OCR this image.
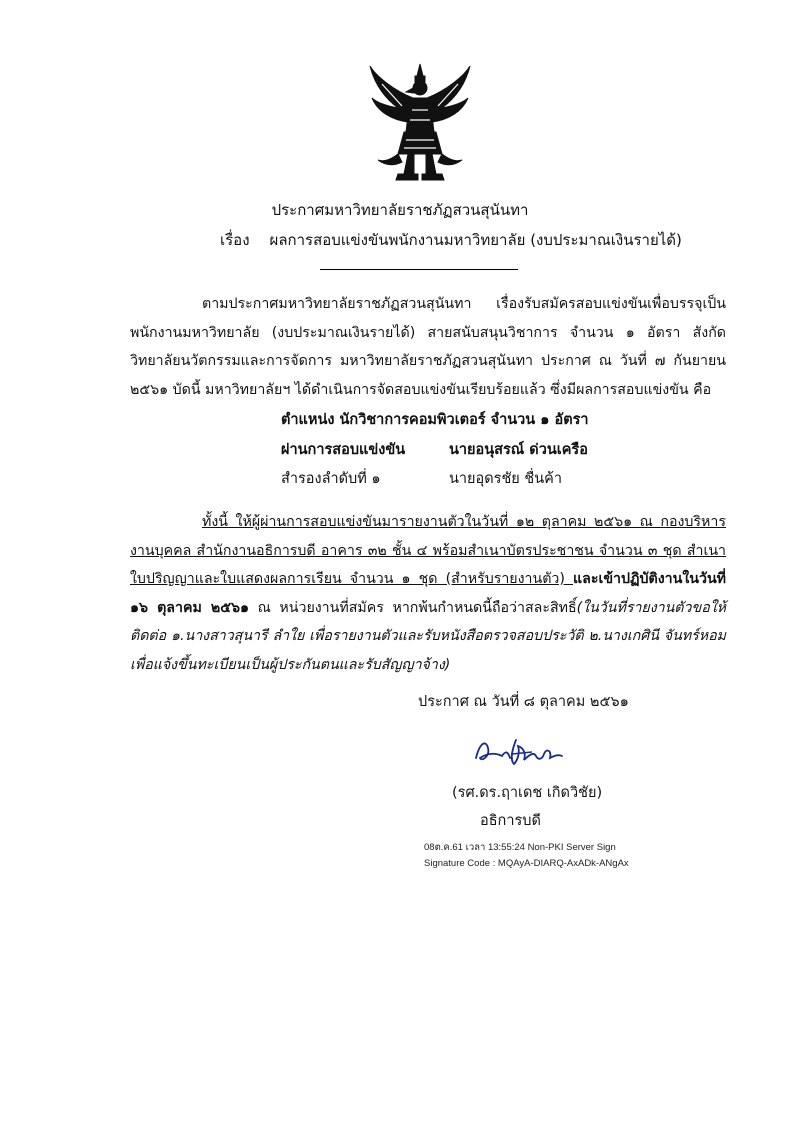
ประกาศมหาวิทยาลัยราชภัฏสวนสุนันทา
เรื่อง ผลการสอบแข่งขันพนักงานมหาวิทยาลัย (งบประมาณเงินรายได้)
ตามประกาศมหาวิทยาลัยราชภัฏสวนสุนันทา เรื่องรับสมัครสอบแข่งขันเพื่อบรรจุเป็นพนักงานมหาวิทยาลัย (งบประมาณเงินรายได้) สายสนับสนุนวิชาการ จำนวน ๑ อัตรา สังกัดวิทยาลัยนวัตกรรมและการจัดการ มหาวิทยาลัยราชภัฏสวนสุนันทา ประกาศ ณ วันที่ ๗ กันยายน ๒๕๖๑ บัดนี้ มหาวิทยาลัยฯ ได้ดำเนินการจัดสอบแข่งขันเรียบร้อยแล้ว ซึ่งมีผลการสอบแข่งขัน คือ
ตำแหน่ง นักวิชาการคอมพิวเตอร์ จำนวน ๑ อัตรา
ผ่านการสอบแข่งขัน	นายอนุสรณ์ ด่วนเครือ
สำรองลำดับที่ ๑	นายอุดรชัย ชื่นค้า
ทั้งนี้ ให้ผู้ผ่านการสอบแข่งขันมารายงานตัวในวันที่ ๑๒ ตุลาคม ๒๕๖๑ ณ กองบริหารงานบุคคล สำนักงานอธิการบดี อาคาร ๓๒ ชั้น ๔ พร้อมสำเนาบัตรประชาชน จำนวน ๓ ชุด สำเนาใบปริญญาและใบแสดงผลการเรียน จำนวน ๑ ชุด (สำหรับรายงานตัว) และเข้าปฏิบัติงานในวันที่ ๑๖ ตุลาคม ๒๕๖๑ ณ หน่วยงานที่สมัคร หากพ้นกำหนดนี้ถือว่าสละสิทธิ์(ในวันที่รายงานตัวขอให้ติดต่อ ๑.นางสาวสุนารี ลำใย เพื่อรายงานตัวและรับหนังสือตรวจสอบประวัติ ๒.นางเกศินี จันทร์หอม เพื่อแจ้งขึ้นทะเบียนเป็นผู้ประกันตนและรับสัญญาจ้าง)
ประกาศ ณ วันที่ ๘ ตุลาคม ๒๕๖๑
(รศ.ดร.ฤาเดช เกิดวิชัย)
อธิการบดี
08ต.ค.61 เวลา 13:55:24 Non-PKI Server Sign
Signature Code : MQAyA-DIARQ-AxADk-ANgAx
